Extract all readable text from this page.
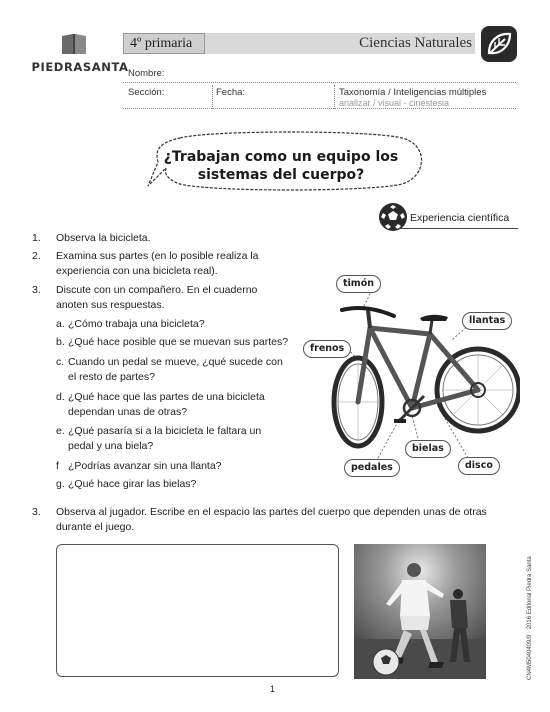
PIEDRASANTA
4º primaria	Ciencias Naturales
Nombre:
Sección:	Fecha:	Taxonomía / Inteligencias múltiples
analizar / visual - cinestesia
¿Trabajan como un equipo los
sistemas del cuerpo?
Experiencia científica
1. Observa la bicicleta.
2. Examina sus partes (en lo posible realiza la
experiencia con una bicicleta real).
3. Discute con un compañero. En el cuaderno
anoten sus respuestas.
a. ¿Cómo trabaja una bicicleta?
b. ¿Qué hace posible que se muevan sus partes?
c. Cuando un pedal se mueve, ¿qué sucede con
el resto de partes?
d. ¿Qué hace que las partes de una bicicleta
dependan unas de otras?
e. ¿Qué pasaría si a la bicicleta le faltara un
pedal y una biela?
f ¿Podrías avanzar sin una llanta?
g. ¿Qué hace girar las bielas?
timón
llantas
frenos
bielas
disco
pedales
3. Observa al jugador. Escribe en el espacio las partes del cuerpo que dependen unas de otras
durante el juego.
CN4M5040409/9 · 2016 Editorial Piedra Santa
1
